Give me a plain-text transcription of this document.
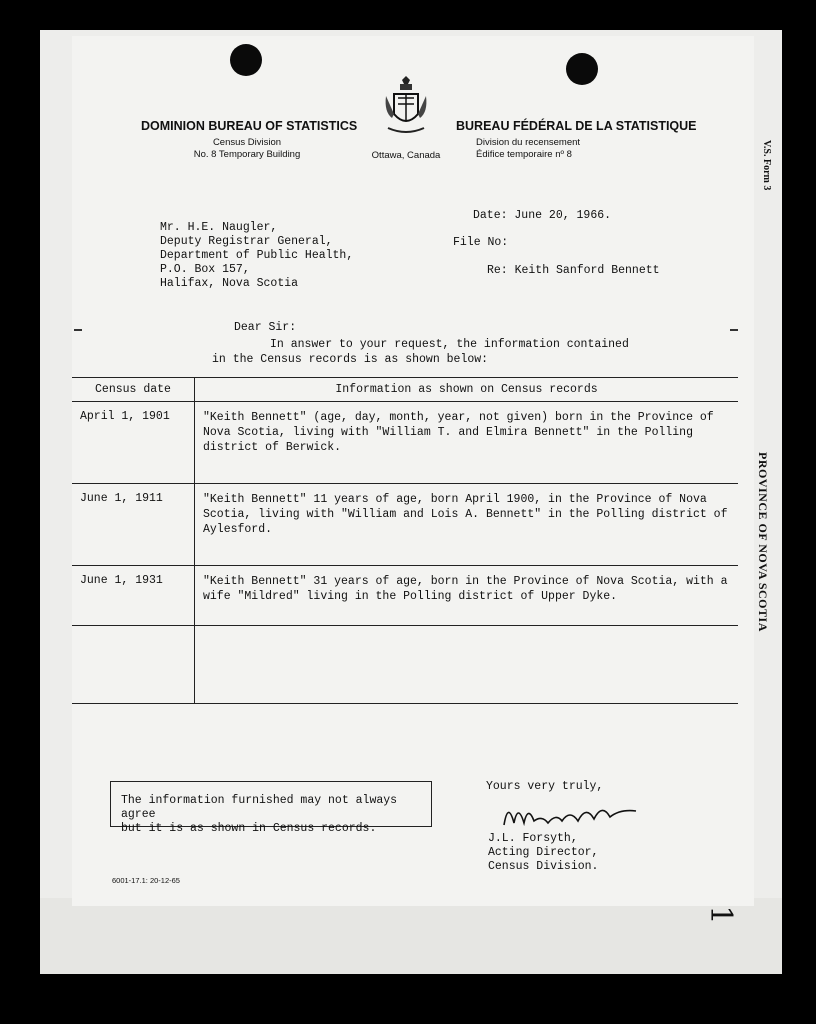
V.S. Form 3
PROVINCE OF NOVA SCOTIA
DOMINION BUREAU OF STATISTICS
Census Division
No. 8 Temporary Building	Ottawa, Canada
BUREAU FÉDÉRAL DE LA STATISTIQUE
Division du recensement
Édifice temporaire nº 8
Mr. H.E. Naugler,
Deputy Registrar General,
Department of Public Health,
P.O. Box 157,
Halifax, Nova Scotia
Date: June 20, 1966.
File No:
Re: Keith Sanford Bennett
Dear Sir:
In answer to your request, the information contained
in the Census records is as shown below:
Census date	Information as shown on Census records
April 1, 1901	"Keith Bennett" (age, day, month, year, not given) born in the Province of Nova Scotia, living with "William T. and Elmira Bennett" in the Polling district of Berwick.
June 1, 1911	"Keith Bennett" 11 years of age, born April 1900, in the Province of Nova Scotia, living with "William and Lois A. Bennett" in the Polling district of Aylesford.
June 1, 1931	"Keith Bennett" 31 years of age, born in the Province of Nova Scotia, with a wife "Mildred" living in the Polling district of Upper Dyke.

The information furnished may not always agree
but it is as shown in Census records.
Yours very truly,
J.L. Forsyth,
Acting Director,
Census Division.
6001-17.1: 20-12-65
